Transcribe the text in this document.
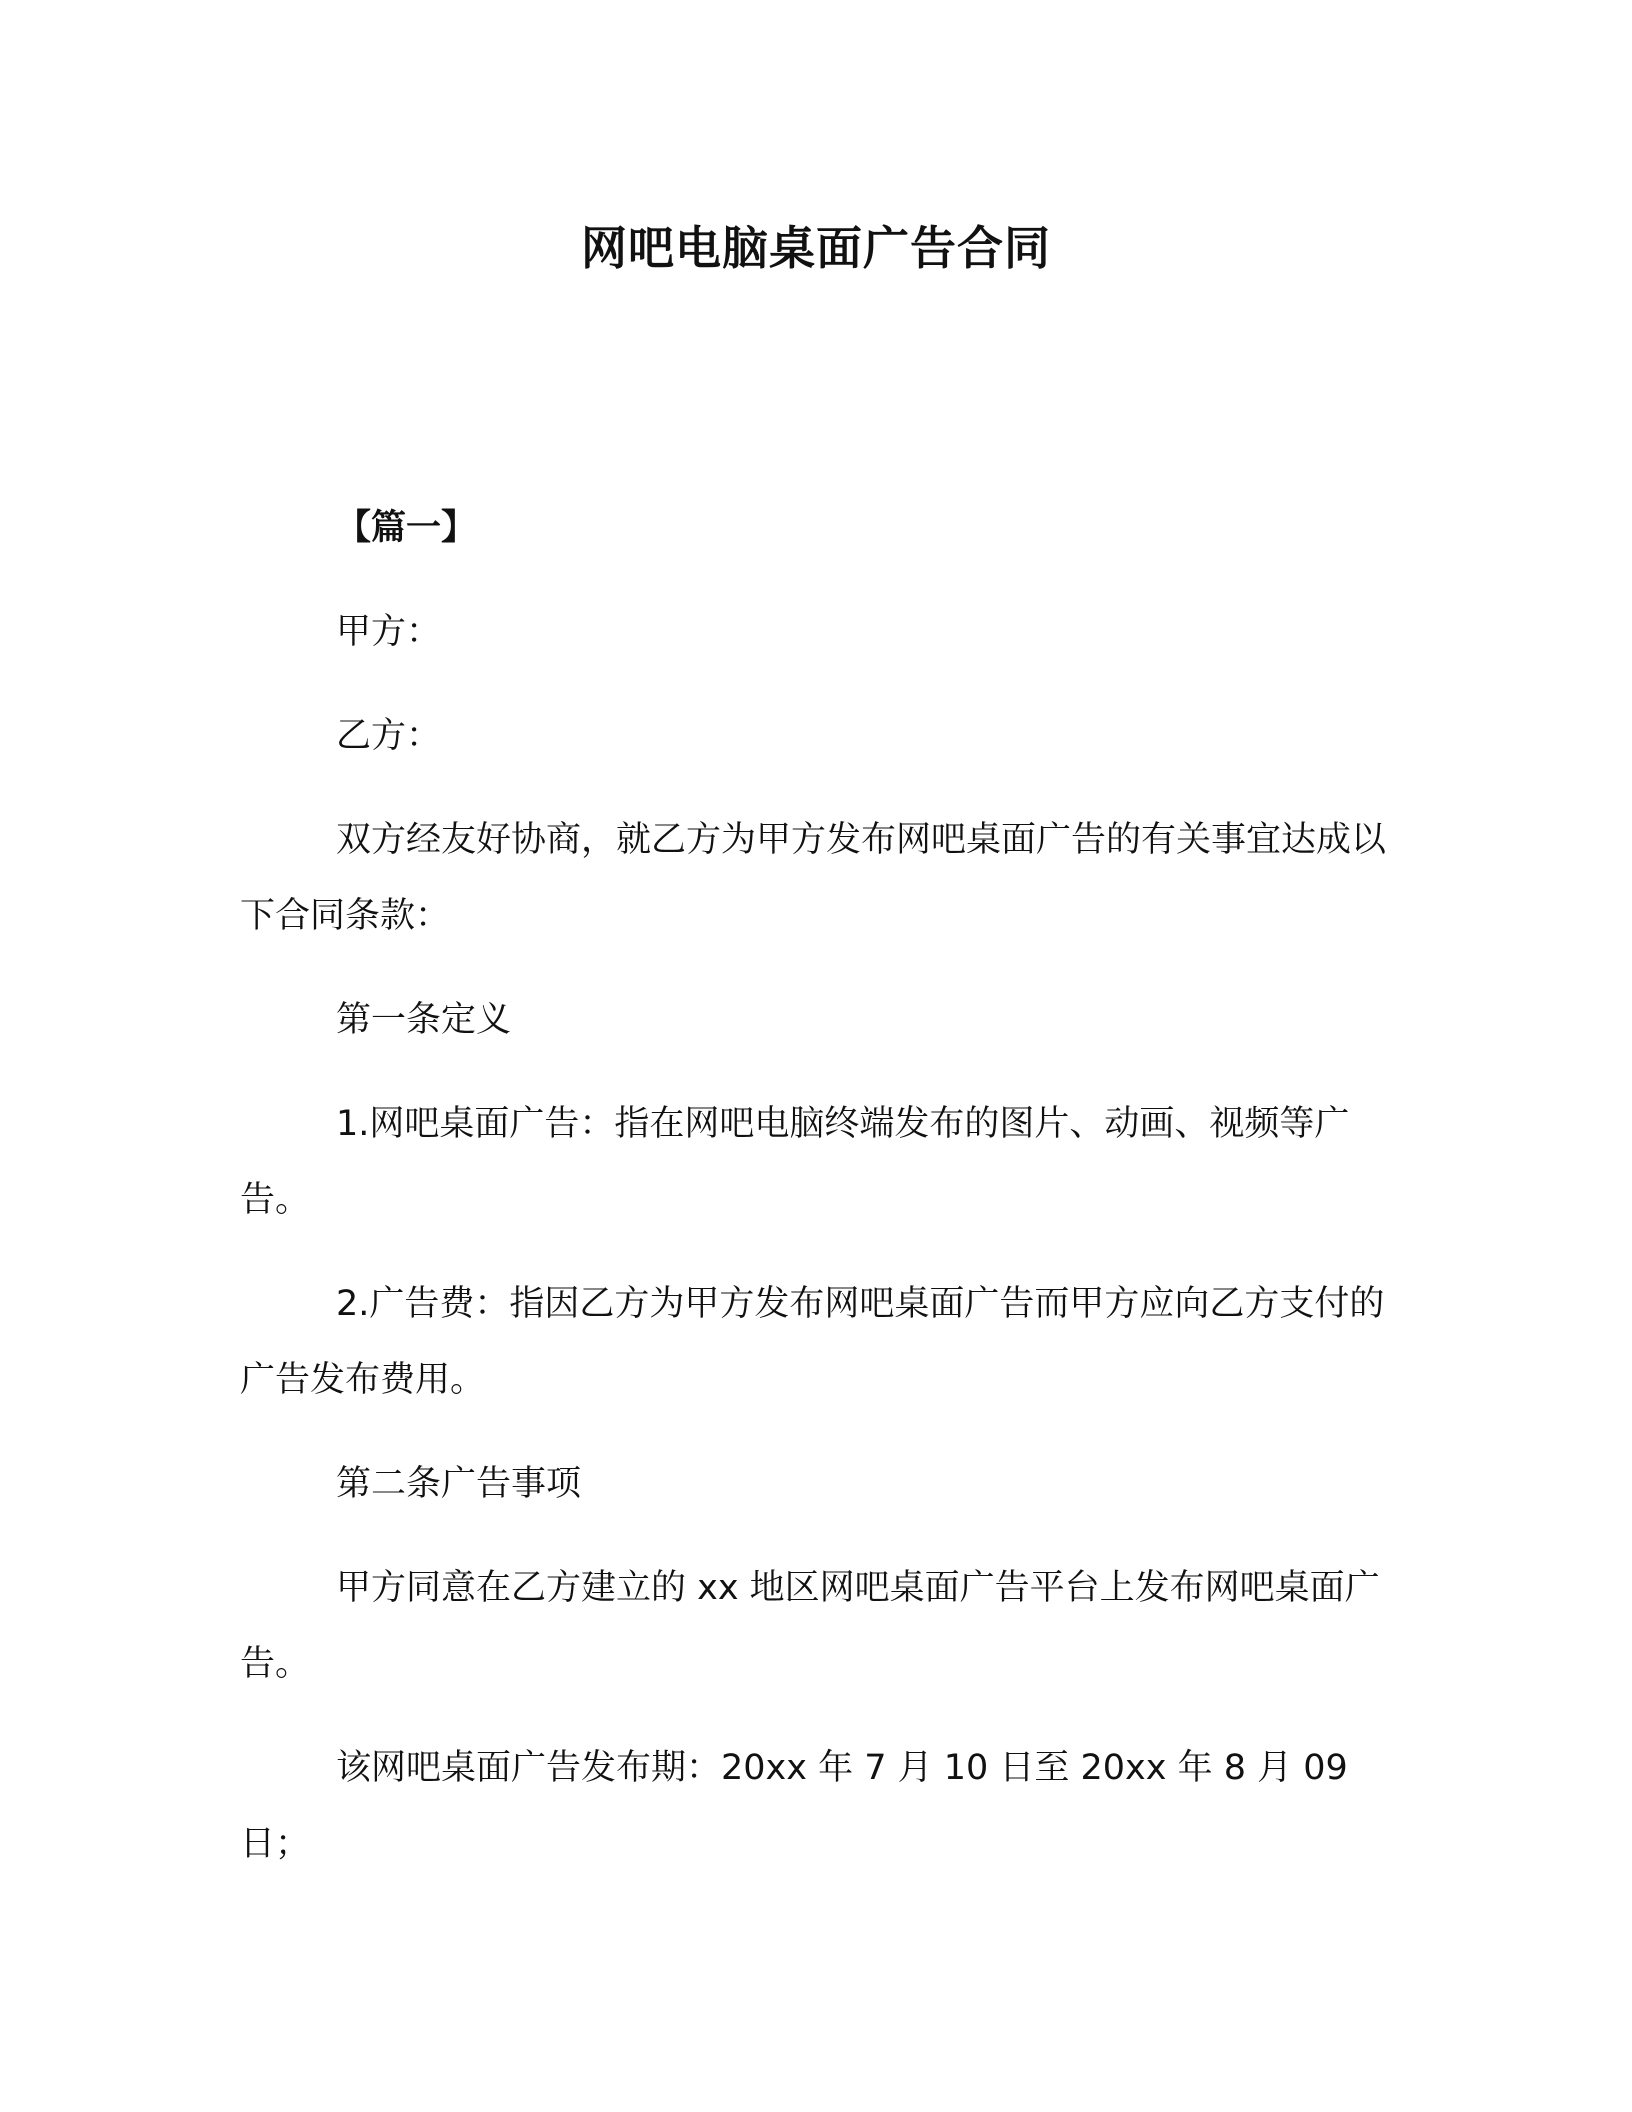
网吧电脑桌面广告合同

【篇一】

甲方：

乙方：

双方经友好协商，就乙方为甲方发布网吧桌面广告的有关事宜达成以下合同条款：

第一条定义

1.网吧桌面广告：指在网吧电脑终端发布的图片、动画、视频等广告。

2.广告费：指因乙方为甲方发布网吧桌面广告而甲方应向乙方支付的广告发布费用。

第二条广告事项

甲方同意在乙方建立的 xx 地区网吧桌面广告平台上发布网吧桌面广告。

该网吧桌面广告发布期：20xx 年 7 月 10 日至 20xx 年 8 月 09 日；
